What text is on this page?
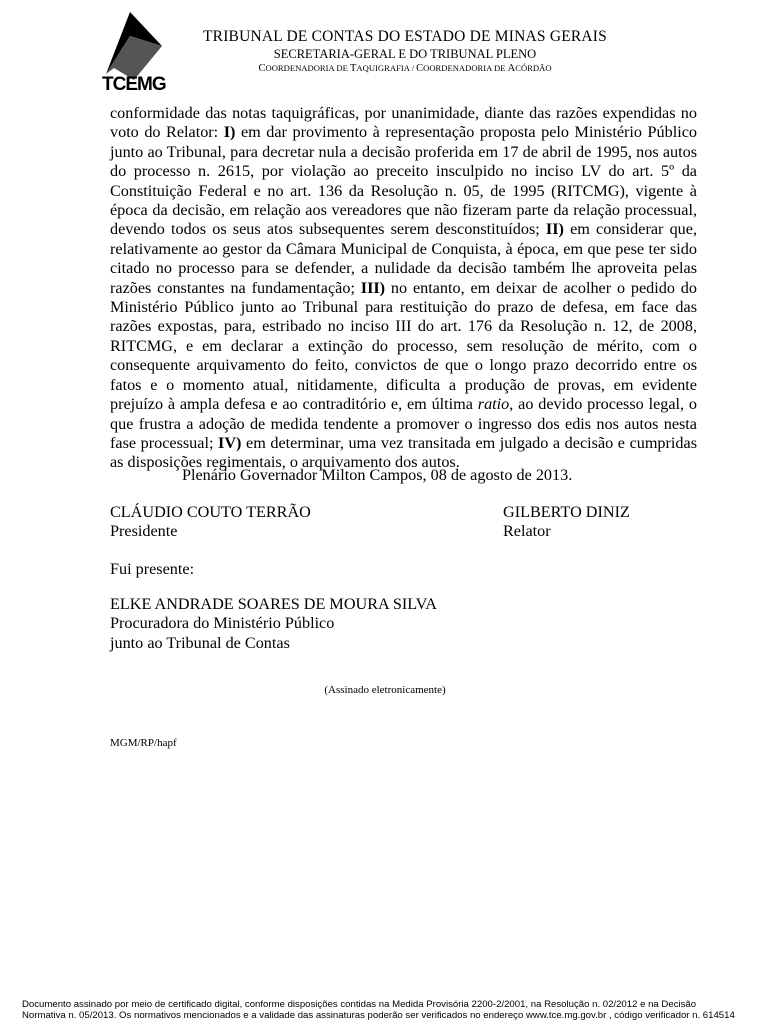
TCEMG
TRIBUNAL DE CONTAS DO ESTADO DE MINAS GERAIS
SECRETARIA-GERAL E DO TRIBUNAL PLENO
COORDENADORIA DE TAQUIGRAFIA / COORDENADORIA DE ACÓRDÃO

conformidade das notas taquigráficas, por unanimidade, diante das razões expendidas no voto do Relator: I) em dar provimento à representação proposta pelo Ministério Público junto ao Tribunal, para decretar nula a decisão proferida em 17 de abril de 1995, nos autos do processo n. 2615, por violação ao preceito insculpido no inciso LV do art. 5º da Constituição Federal e no art. 136 da Resolução n. 05, de 1995 (RITCMG), vigente à época da decisão, em relação aos vereadores que não fizeram parte da relação processual, devendo todos os seus atos subsequentes serem desconstituídos; II) em considerar que, relativamente ao gestor da Câmara Municipal de Conquista, à época, em que pese ter sido citado no processo para se defender, a nulidade da decisão também lhe aproveita pelas razões constantes na fundamentação; III) no entanto, em deixar de acolher o pedido do Ministério Público junto ao Tribunal para restituição do prazo de defesa, em face das razões expostas, para, estribado no inciso III do art. 176 da Resolução n. 12, de 2008, RITCMG, e em declarar a extinção do processo, sem resolução de mérito, com o consequente arquivamento do feito, convictos de que o longo prazo decorrido entre os fatos e o momento atual, nitidamente, dificulta a produção de provas, em evidente prejuízo à ampla defesa e ao contraditório e, em última ratio, ao devido processo legal, o que frustra a adoção de medida tendente a promover o ingresso dos edis nos autos nesta fase processual; IV) em determinar, uma vez transitada em julgado a decisão e cumpridas as disposições regimentais, o arquivamento dos autos.

Plenário Governador Milton Campos, 08 de agosto de 2013.
CLÁUDIO COUTO TERRÃO
Presidente
GILBERTO DINIZ
Relator
Fui presente:
ELKE ANDRADE SOARES DE MOURA SILVA
Procuradora do Ministério Público
junto ao Tribunal de Contas
(Assinado eletronicamente)
MGM/RP/hapf
Documento assinado por meio de certificado digital, conforme disposições contidas na Medida Provisória 2200-2/2001, na Resolução n. 02/2012 e na Decisão
Normativa n. 05/2013. Os normativos mencionados e a validade das assinaturas poderão ser verificados no endereço www.tce.mg.gov.br , código verificador n. 614514
